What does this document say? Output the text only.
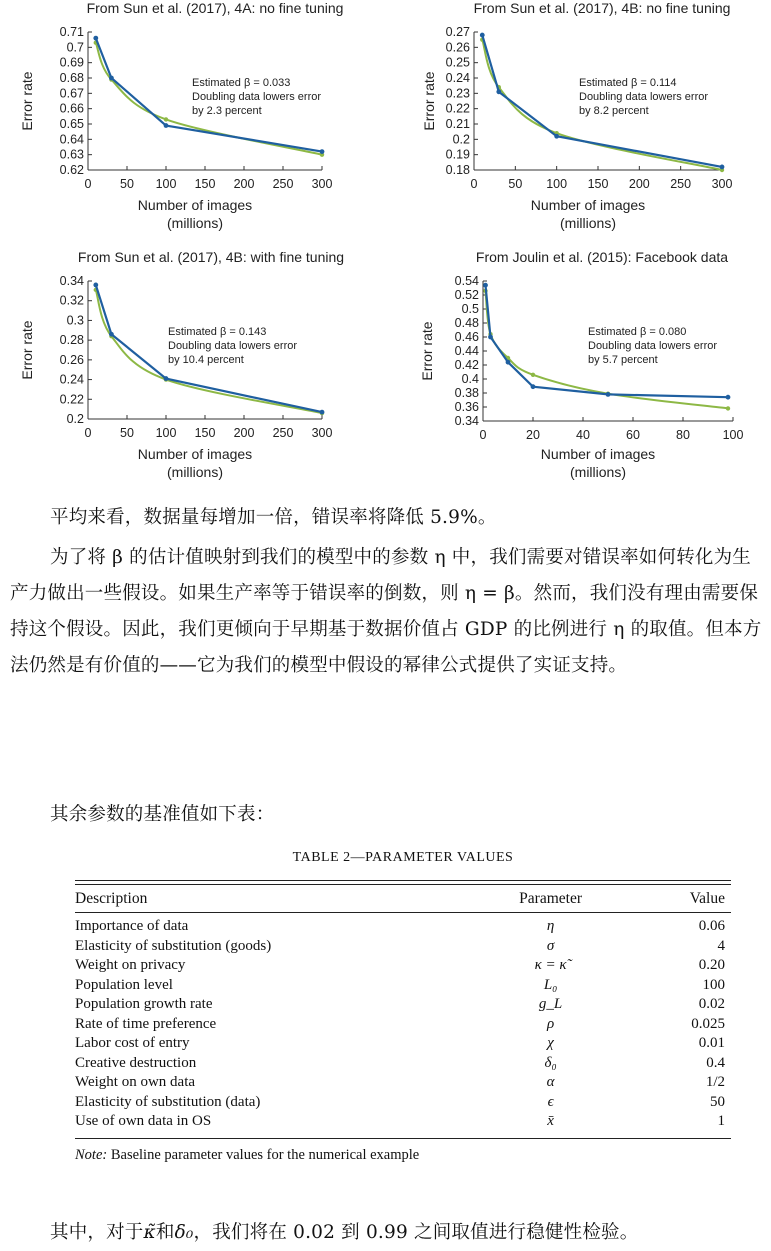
From Sun et al. (2017), 4A: no fine tuning
0.62
0.63
0.64
0.65
0.66
0.67
0.68
0.69
0.7
0.71
0 50 100 150 200 250 300
Error rate
Number of images
(millions)
Estimated β = 0.033
Doubling data lowers error
by 2.3 percent
From Sun et al. (2017), 4B: no fine tuning
0.18
0.19
0.2
0.21
0.22
0.23
0.24
0.25
0.26
0.27
0 50 100 150 200 250 300
Error rate
Number of images
(millions)
Estimated β = 0.114
Doubling data lowers error
by 8.2 percent
From Sun et al. (2017), 4B: with fine tuning
0.2
0.22
0.24
0.26
0.28
0.3
0.32
0.34
0 50 100 150 200 250 300
Error rate
Number of images
(millions)
Estimated β = 0.143
Doubling data lowers error
by 10.4 percent
From Joulin et al. (2015): Facebook data
0.34
0.36
0.38
0.4
0.42
0.44
0.46
0.48
0.5
0.52
0.54
0	20	40	60	80	100
Error rate
Number of images
(millions)
Estimated β = 0.080
Doubling data lowers error
by 5.7 percent
平均来看，数据量每增加一倍，错误率将降低 5.9%。
为了将 β 的估计值映射到我们的模型中的参数 η 中，我们需要对错误率如何转化为生产力做出一些假设。如果生产率等于错误率的倒数，则 η = β。然而，我们没有理由需要保持这个假设。因此，我们更倾向于早期基于数据价值占 GDP 的比例进行 η 的取值。但本方法仍然是有价值的——它为我们的模型中假设的幂律公式提供了实证支持。
其余参数的基准值如下表：
TABLE 2—PARAMETER VALUES
Description	Parameter	Value
Importance of data	η	0.06
Elasticity of substitution (goods)	σ	4
Weight on privacy	κ = κ̃	0.20
Population level	L₀	100
Population growth rate	g_L	0.02
Rate of time preference	ρ	0.025
Labor cost of entry	χ	0.01
Creative destruction	δ₀	0.4
Weight on own data	α	1/2
Elasticity of substitution (data)	ϵ	50
Use of own data in OS	x̄	1
Note: Baseline parameter values for the numerical example
其中，对于κ̃和δ₀，我们将在 0.02 到 0.99 之间取值进行稳健性检验。
